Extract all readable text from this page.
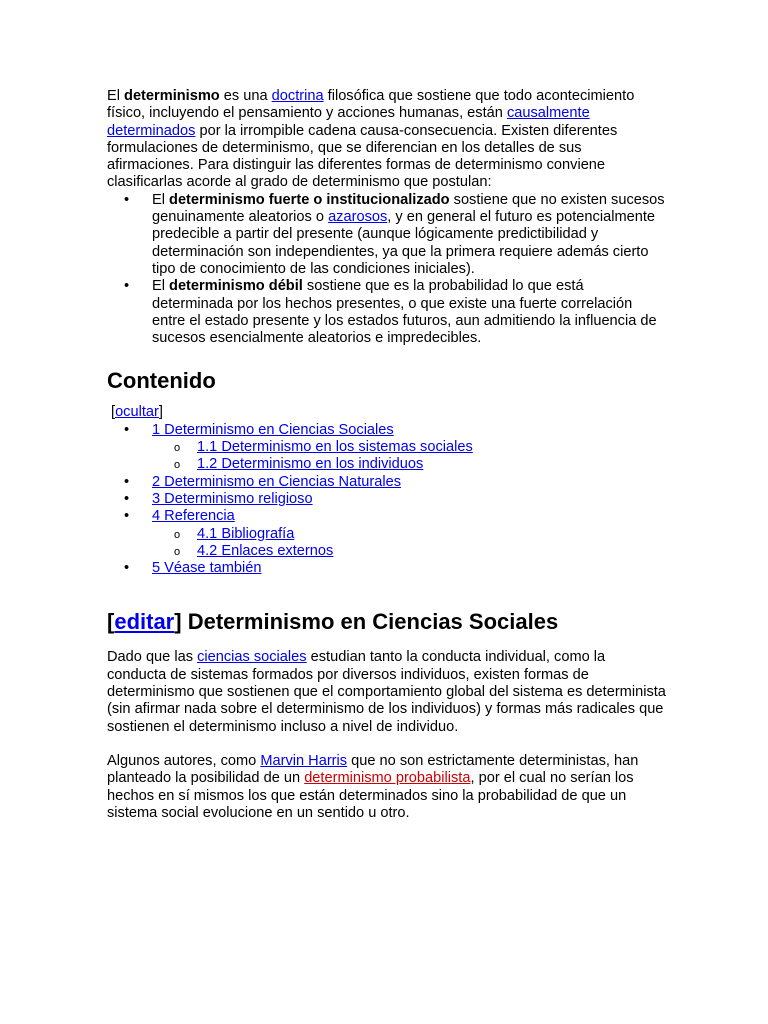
El determinismo es una doctrina filosófica que sostiene que todo acontecimiento físico, incluyendo el pensamiento y acciones humanas, están causalmente determinados por la irrompible cadena causa-consecuencia. Existen diferentes formulaciones de determinismo, que se diferencian en los detalles de sus afirmaciones. Para distinguir las diferentes formas de determinismo conviene clasificarlas acorde al grado de determinismo que postulan:

• El determinismo fuerte o institucionalizado sostiene que no existen sucesos genuinamente aleatorios o azarosos, y en general el futuro es potencialmente predecible a partir del presente (aunque lógicamente predictibilidad y determinación son independientes, ya que la primera requiere además cierto tipo de conocimiento de las condiciones iniciales).
• El determinismo débil sostiene que es la probabilidad lo que está determinada por los hechos presentes, o que existe una fuerte correlación entre el estado presente y los estados futuros, aun admitiendo la influencia de sucesos esencialmente aleatorios e impredecibles.
Contenido

[ocultar]

• 1 Determinismo en Ciencias Sociales
o 1.1 Determinismo en los sistemas sociales
o 1.2 Determinismo en los individuos
• 2 Determinismo en Ciencias Naturales
• 3 Determinismo religioso
• 4 Referencia
o 4.1 Bibliografía
o 4.2 Enlaces externos
• 5 Véase también
[editar] Determinismo en Ciencias Sociales

Dado que las ciencias sociales estudian tanto la conducta individual, como la conducta de sistemas formados por diversos individuos, existen formas de determinismo que sostienen que el comportamiento global del sistema es determinista (sin afirmar nada sobre el determinismo de los individuos) y formas más radicales que sostienen el determinismo incluso a nivel de individuo.

Algunos autores, como Marvin Harris que no son estrictamente deterministas, han planteado la posibilidad de un determinismo probabilista, por el cual no serían los hechos en sí mismos los que están determinados sino la probabilidad de que un sistema social evolucione en un sentido u otro.
